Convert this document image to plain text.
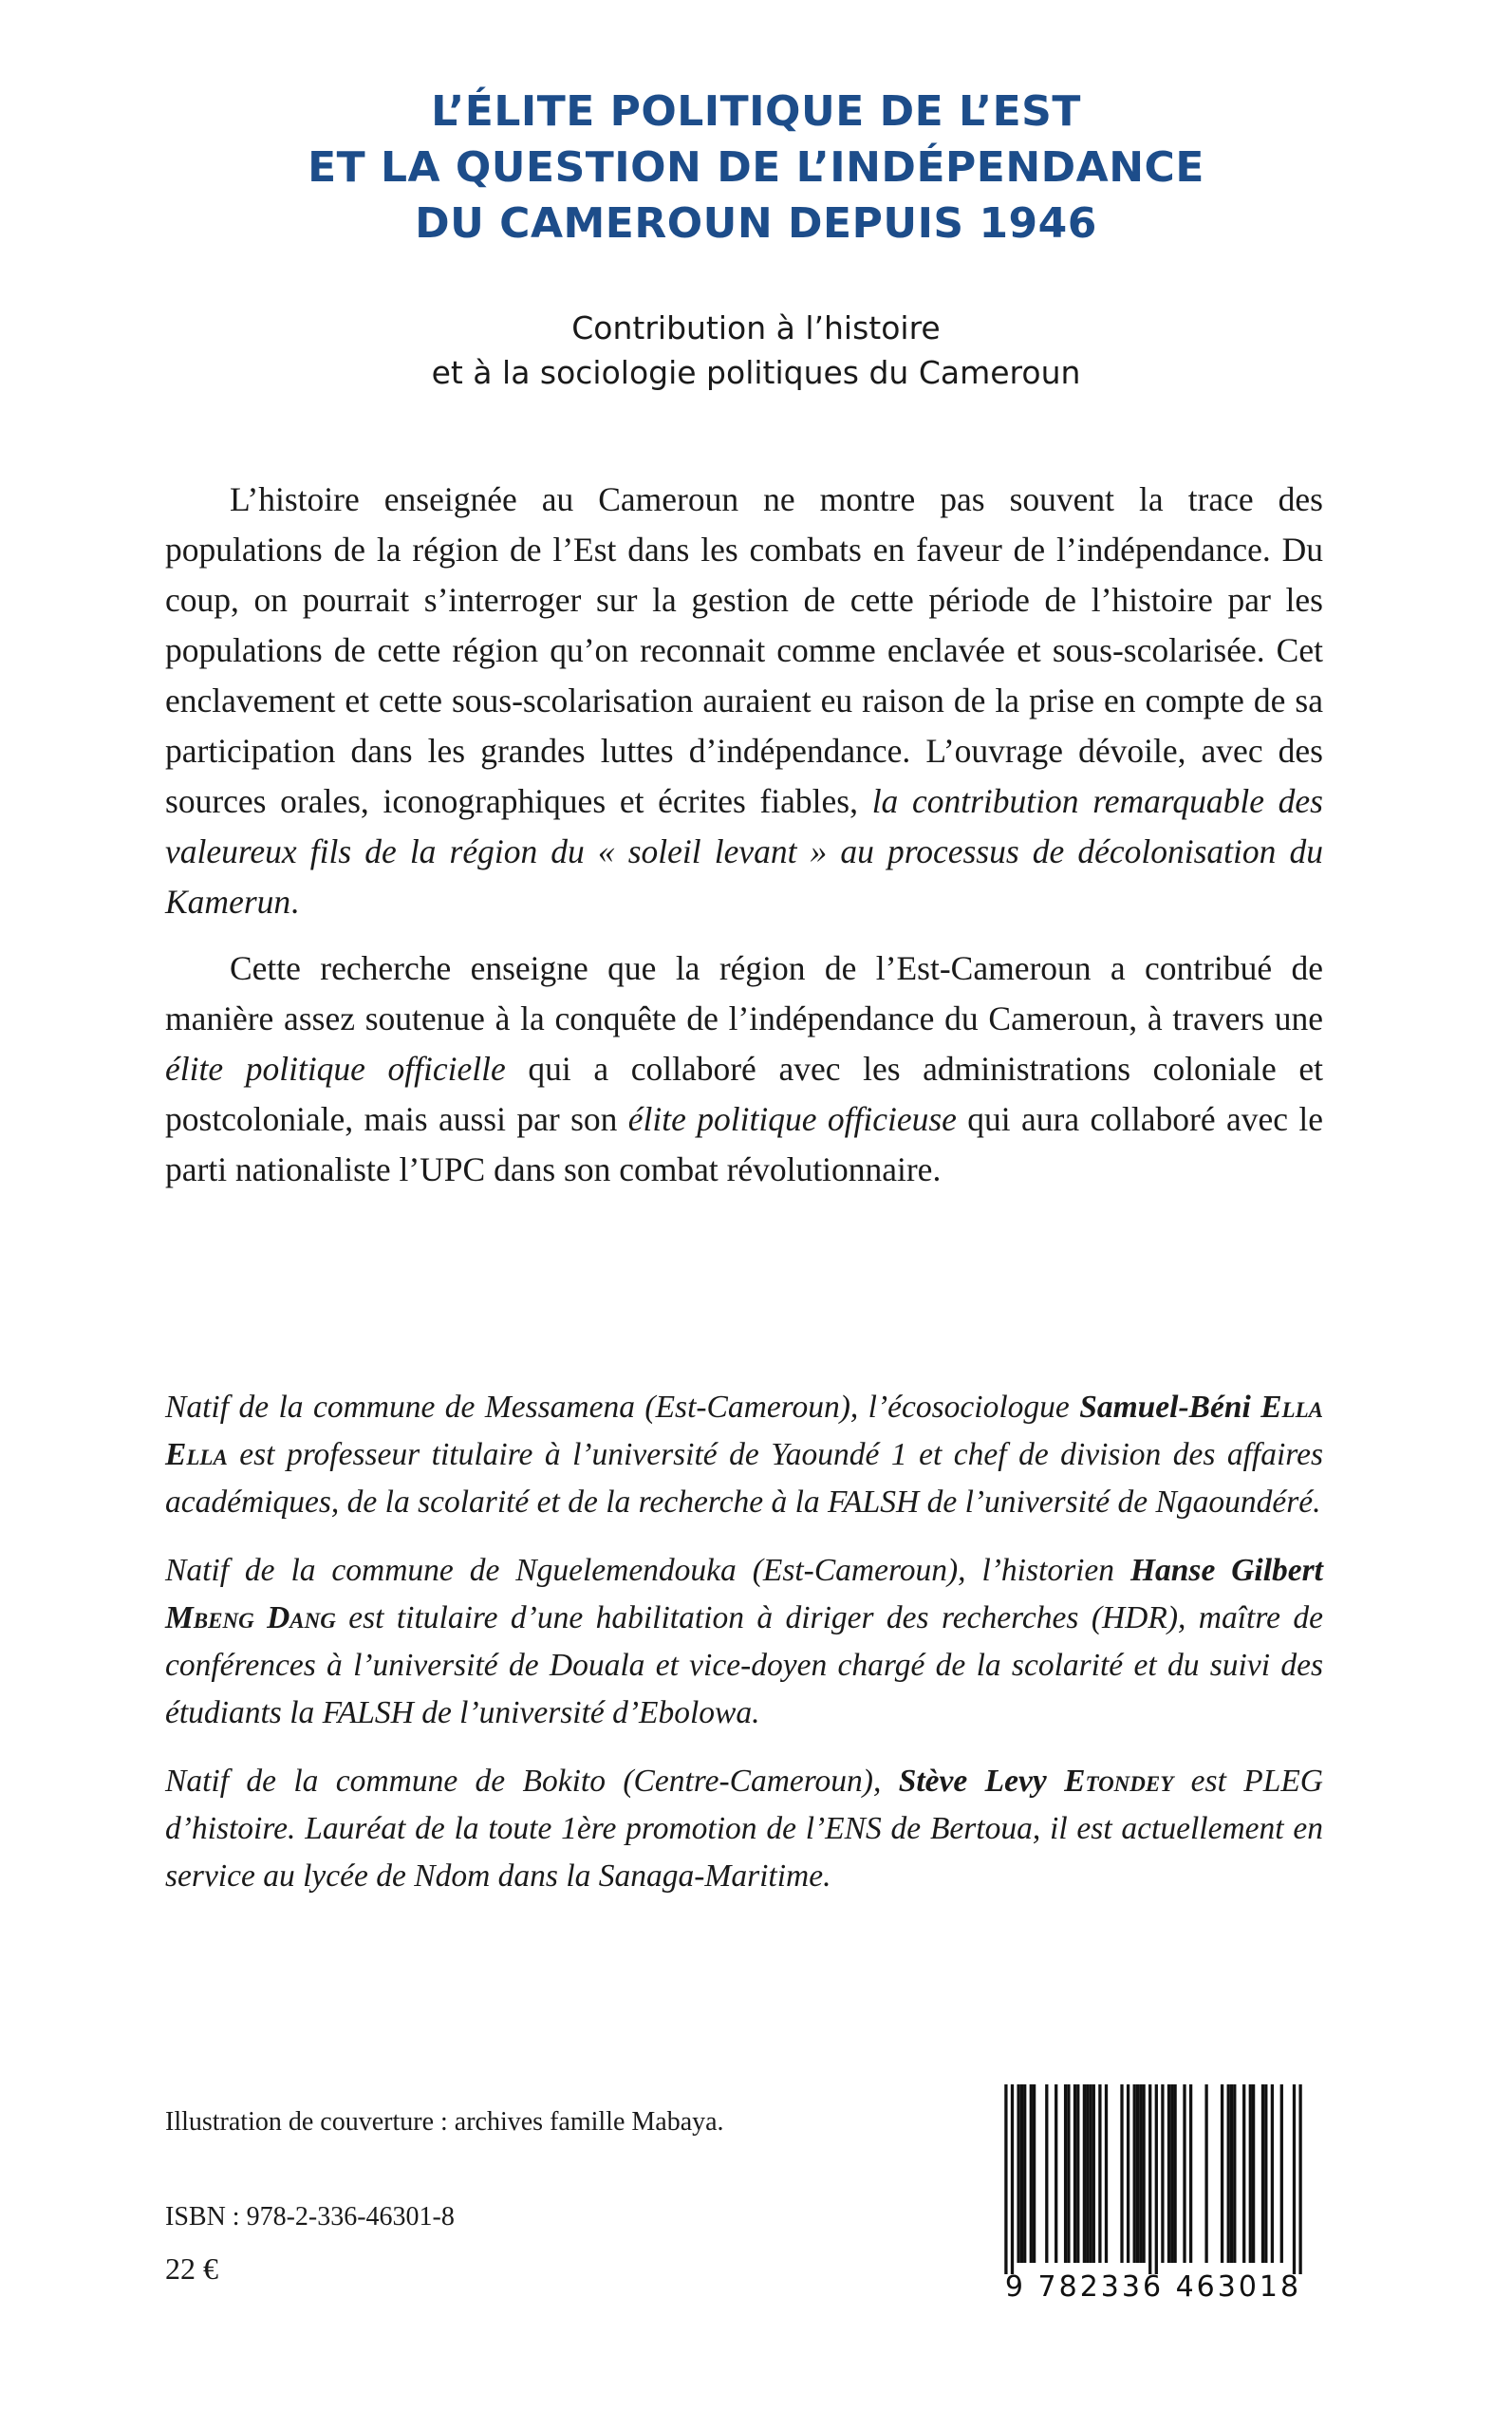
L’ÉLITE POLITIQUE DE L’EST
ET LA QUESTION DE L’INDÉPENDANCE
DU CAMEROUN DEPUIS 1946
Contribution à l’histoire
et à la sociologie politiques du Cameroun

L’histoire enseignée au Cameroun ne montre pas souvent la trace des populations de la région de l’Est dans les combats en faveur de l’indépendance. Du coup, on pourrait s’interroger sur la gestion de cette période de l’histoire par les populations de cette région qu’on reconnait comme enclavée et sous-scolarisée. Cet enclavement et cette sous-scolarisation auraient eu raison de la prise en compte de sa participation dans les grandes luttes d’indépendance. L’ouvrage dévoile, avec des sources orales, iconographiques et écrites fiables, la contribution remarquable des valeureux fils de la région du « soleil levant » au processus de décolonisation du Kamerun.

Cette recherche enseigne que la région de l’Est-Cameroun a contribué de manière assez soutenue à la conquête de l’indépendance du Cameroun, à travers une élite politique officielle qui a collaboré avec les administrations coloniale et postcoloniale, mais aussi par son élite politique officieuse qui aura collaboré avec le parti nationaliste l’UPC dans son combat révolutionnaire.

Natif de la commune de Messamena (Est-Cameroun), l’écosociologue Samuel-Béni Ella Ella est professeur titulaire à l’université de Yaoundé 1 et chef de division des affaires académiques, de la scolarité et de la recherche à la FALSH de l’université de Ngaoundéré.

Natif de la commune de Nguelemendouka (Est-Cameroun), l’historien Hanse Gilbert Mbeng Dang est titulaire d’une habilitation à diriger des recherches (HDR), maître de conférences à l’université de Douala et vice-doyen chargé de la scolarité et du suivi des étudiants la FALSH de l’université d’Ebolowa.

Natif de la commune de Bokito (Centre-Cameroun), Stève Levy Etondey est PLEG d’histoire. Lauréat de la toute 1ère promotion de l’ENS de Bertoua, il est actuellement en service au lycée de Ndom dans la Sanaga-Maritime.

Illustration de couverture : archives famille Mabaya.
ISBN : 978-2-336-46301-8
22 €
9 782336 463018
